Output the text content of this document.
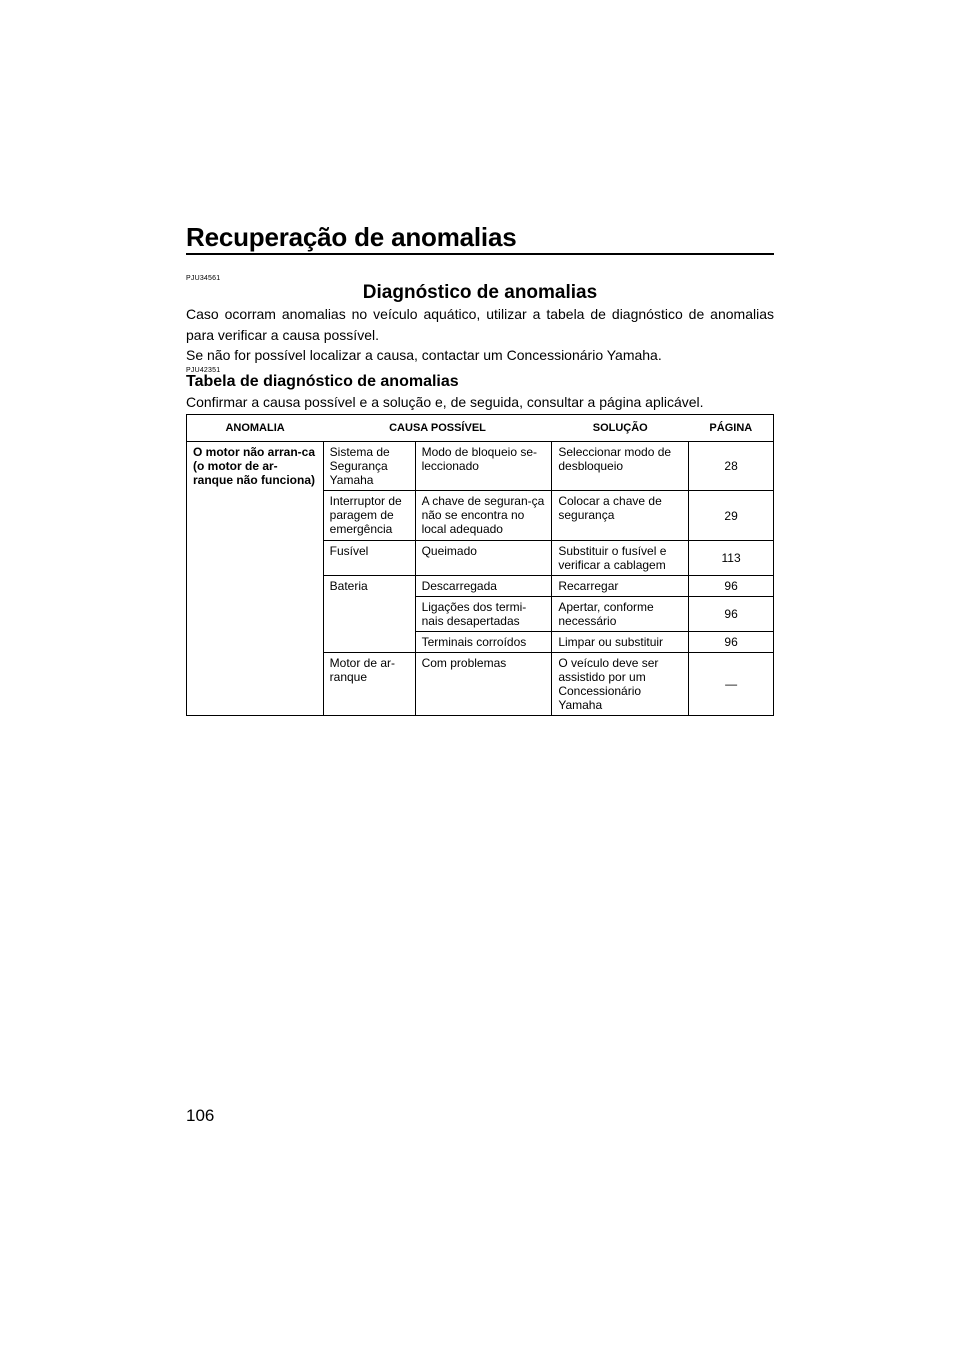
Recuperação de anomalias
PJU34561
Diagnóstico de anomalias
Caso ocorram anomalias no veículo aquático, utilizar a tabela de diagnóstico de anomalias para verificar a causa possível.
Se não for possível localizar a causa, contactar um Concessionário Yamaha.
PJU42351
Tabela de diagnóstico de anomalias
Confirmar a causa possível e a solução e, de seguida, consultar a página aplicável.
ANOMALIA	CAUSA POSSÍVEL		SOLUÇÃO	PÁGINA
O motor não arran-ca (o motor de ar-ranque não funciona)	Sistema de Segurança Yamaha	Modo de bloqueio se-leccionado	Seleccionar modo de desbloqueio	28
	Interruptor de paragem de emergência	A chave de seguran-ça não se encontra no local adequado	Colocar a chave de segurança	29
	Fusível	Queimado	Substituir o fusível e verificar a cablagem	113
	Bateria	Descarregada	Recarregar	96
		Ligações dos termi-nais desapertadas	Apertar, conforme necessário	96
		Terminais corroídos	Limpar ou substituir	96
	Motor de ar-ranque	Com problemas	O veículo deve ser assistido por um Concessionário Yamaha	—
106
